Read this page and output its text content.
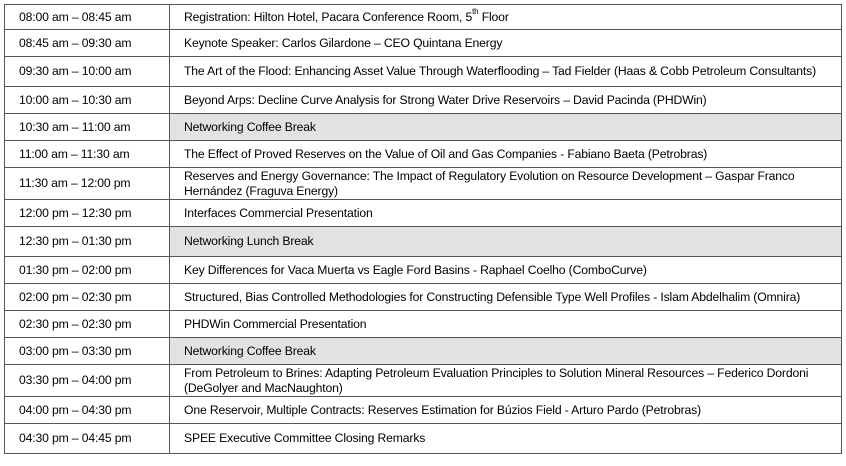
08:00 am – 08:45 am	Registration: Hilton Hotel, Pacara Conference Room, 5th Floor
08:45 am – 09:30 am	Keynote Speaker: Carlos Gilardone – CEO Quintana Energy
09:30 am – 10:00 am	The Art of the Flood: Enhancing Asset Value Through Waterflooding – Tad Fielder (Haas & Cobb Petroleum Consultants)
10:00 am – 10:30 am	Beyond Arps: Decline Curve Analysis for Strong Water Drive Reservoirs – David Pacinda (PHDWin)
10:30 am – 11:00 am	Networking Coffee Break
11:00 am – 11:30 am	The Effect of Proved Reserves on the Value of Oil and Gas Companies - Fabiano Baeta (Petrobras)
11:30 am – 12:00 pm	Reserves and Energy Governance: The Impact of Regulatory Evolution on Resource Development – Gaspar Franco Hernández (Fraguva Energy)
12:00 pm – 12:30 pm	Interfaces Commercial Presentation
12:30 pm – 01:30 pm	Networking Lunch Break
01:30 pm – 02:00 pm	Key Differences for Vaca Muerta vs Eagle Ford Basins - Raphael Coelho (ComboCurve)
02:00 pm – 02:30 pm	Structured, Bias Controlled Methodologies for Constructing Defensible Type Well Profiles - Islam Abdelhalim (Omnira)
02:30 pm – 02:30 pm	PHDWin Commercial Presentation
03:00 pm – 03:30 pm	Networking Coffee Break
03:30 pm – 04:00 pm	From Petroleum to Brines: Adapting Petroleum Evaluation Principles to Solution Mineral Resources – Federico Dordoni (DeGolyer and MacNaughton)
04:00 pm – 04:30 pm	One Reservoir, Multiple Contracts: Reserves Estimation for Búzios Field - Arturo Pardo (Petrobras)
04:30 pm – 04:45 pm	SPEE Executive Committee Closing Remarks
